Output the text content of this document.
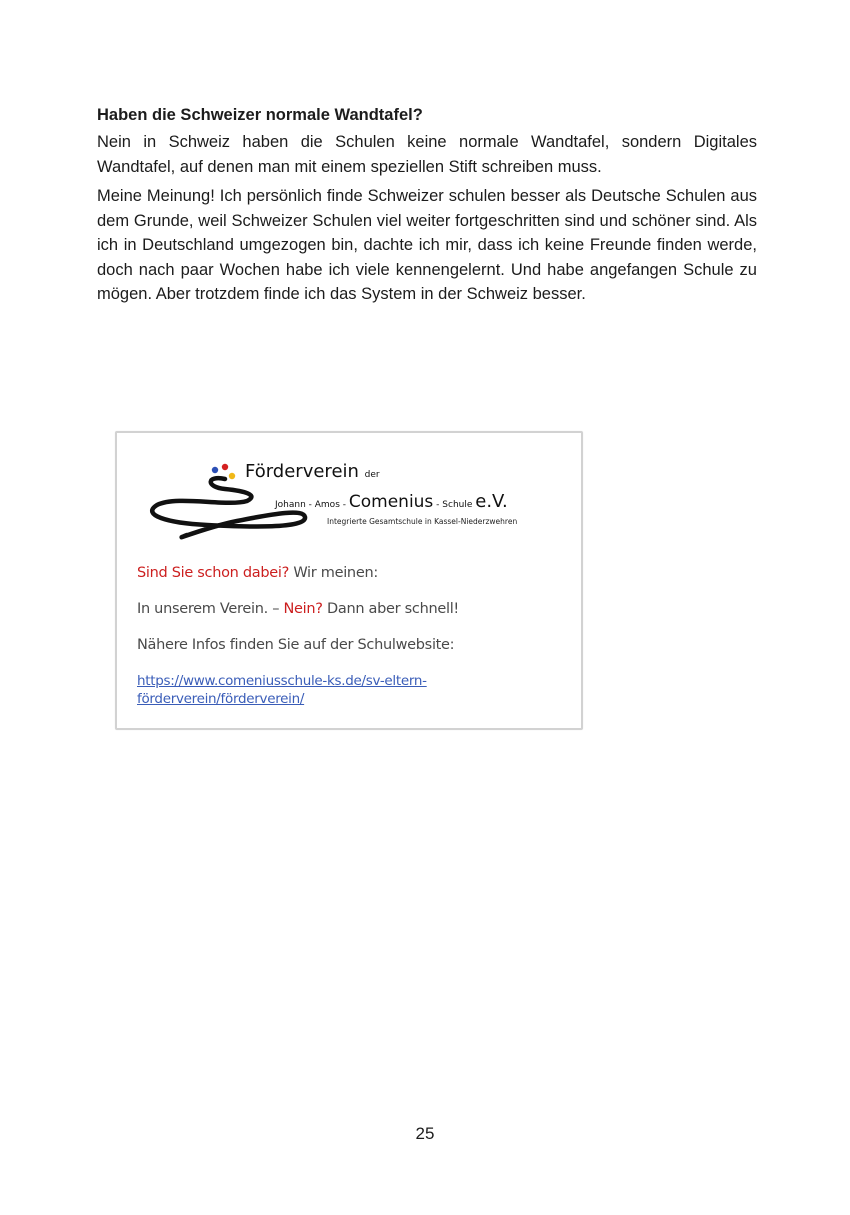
Haben die Schweizer normale Wandtafel?

Nein in Schweiz haben die Schulen keine normale Wandtafel, sondern Digitales Wandtafel, auf denen man mit einem speziellen Stift schreiben muss.

Meine Meinung! Ich persönlich finde Schweizer schulen besser als Deutsche Schulen aus dem Grunde, weil Schweizer Schulen viel weiter fortgeschritten sind und schöner sind. Als ich in Deutschland umgezogen bin, dachte ich mir, dass ich keine Freunde finden werde, doch nach paar Wochen habe ich viele kennengelernt. Und habe angefangen Schule zu mögen. Aber trotzdem finde ich das System in der Schweiz besser.

Förderverein der
Johann - Amos - Comenius - Schule e.V.
Integrierte Gesamtschule in Kassel-Niederzwehren
Sind Sie schon dabei? Wir meinen:
In unserem Verein. – Nein? Dann aber schnell!
Nähere Infos finden Sie auf der Schulwebsite:
https://www.comeniusschule-ks.de/sv-eltern-
förderverein/förderverein/
25
